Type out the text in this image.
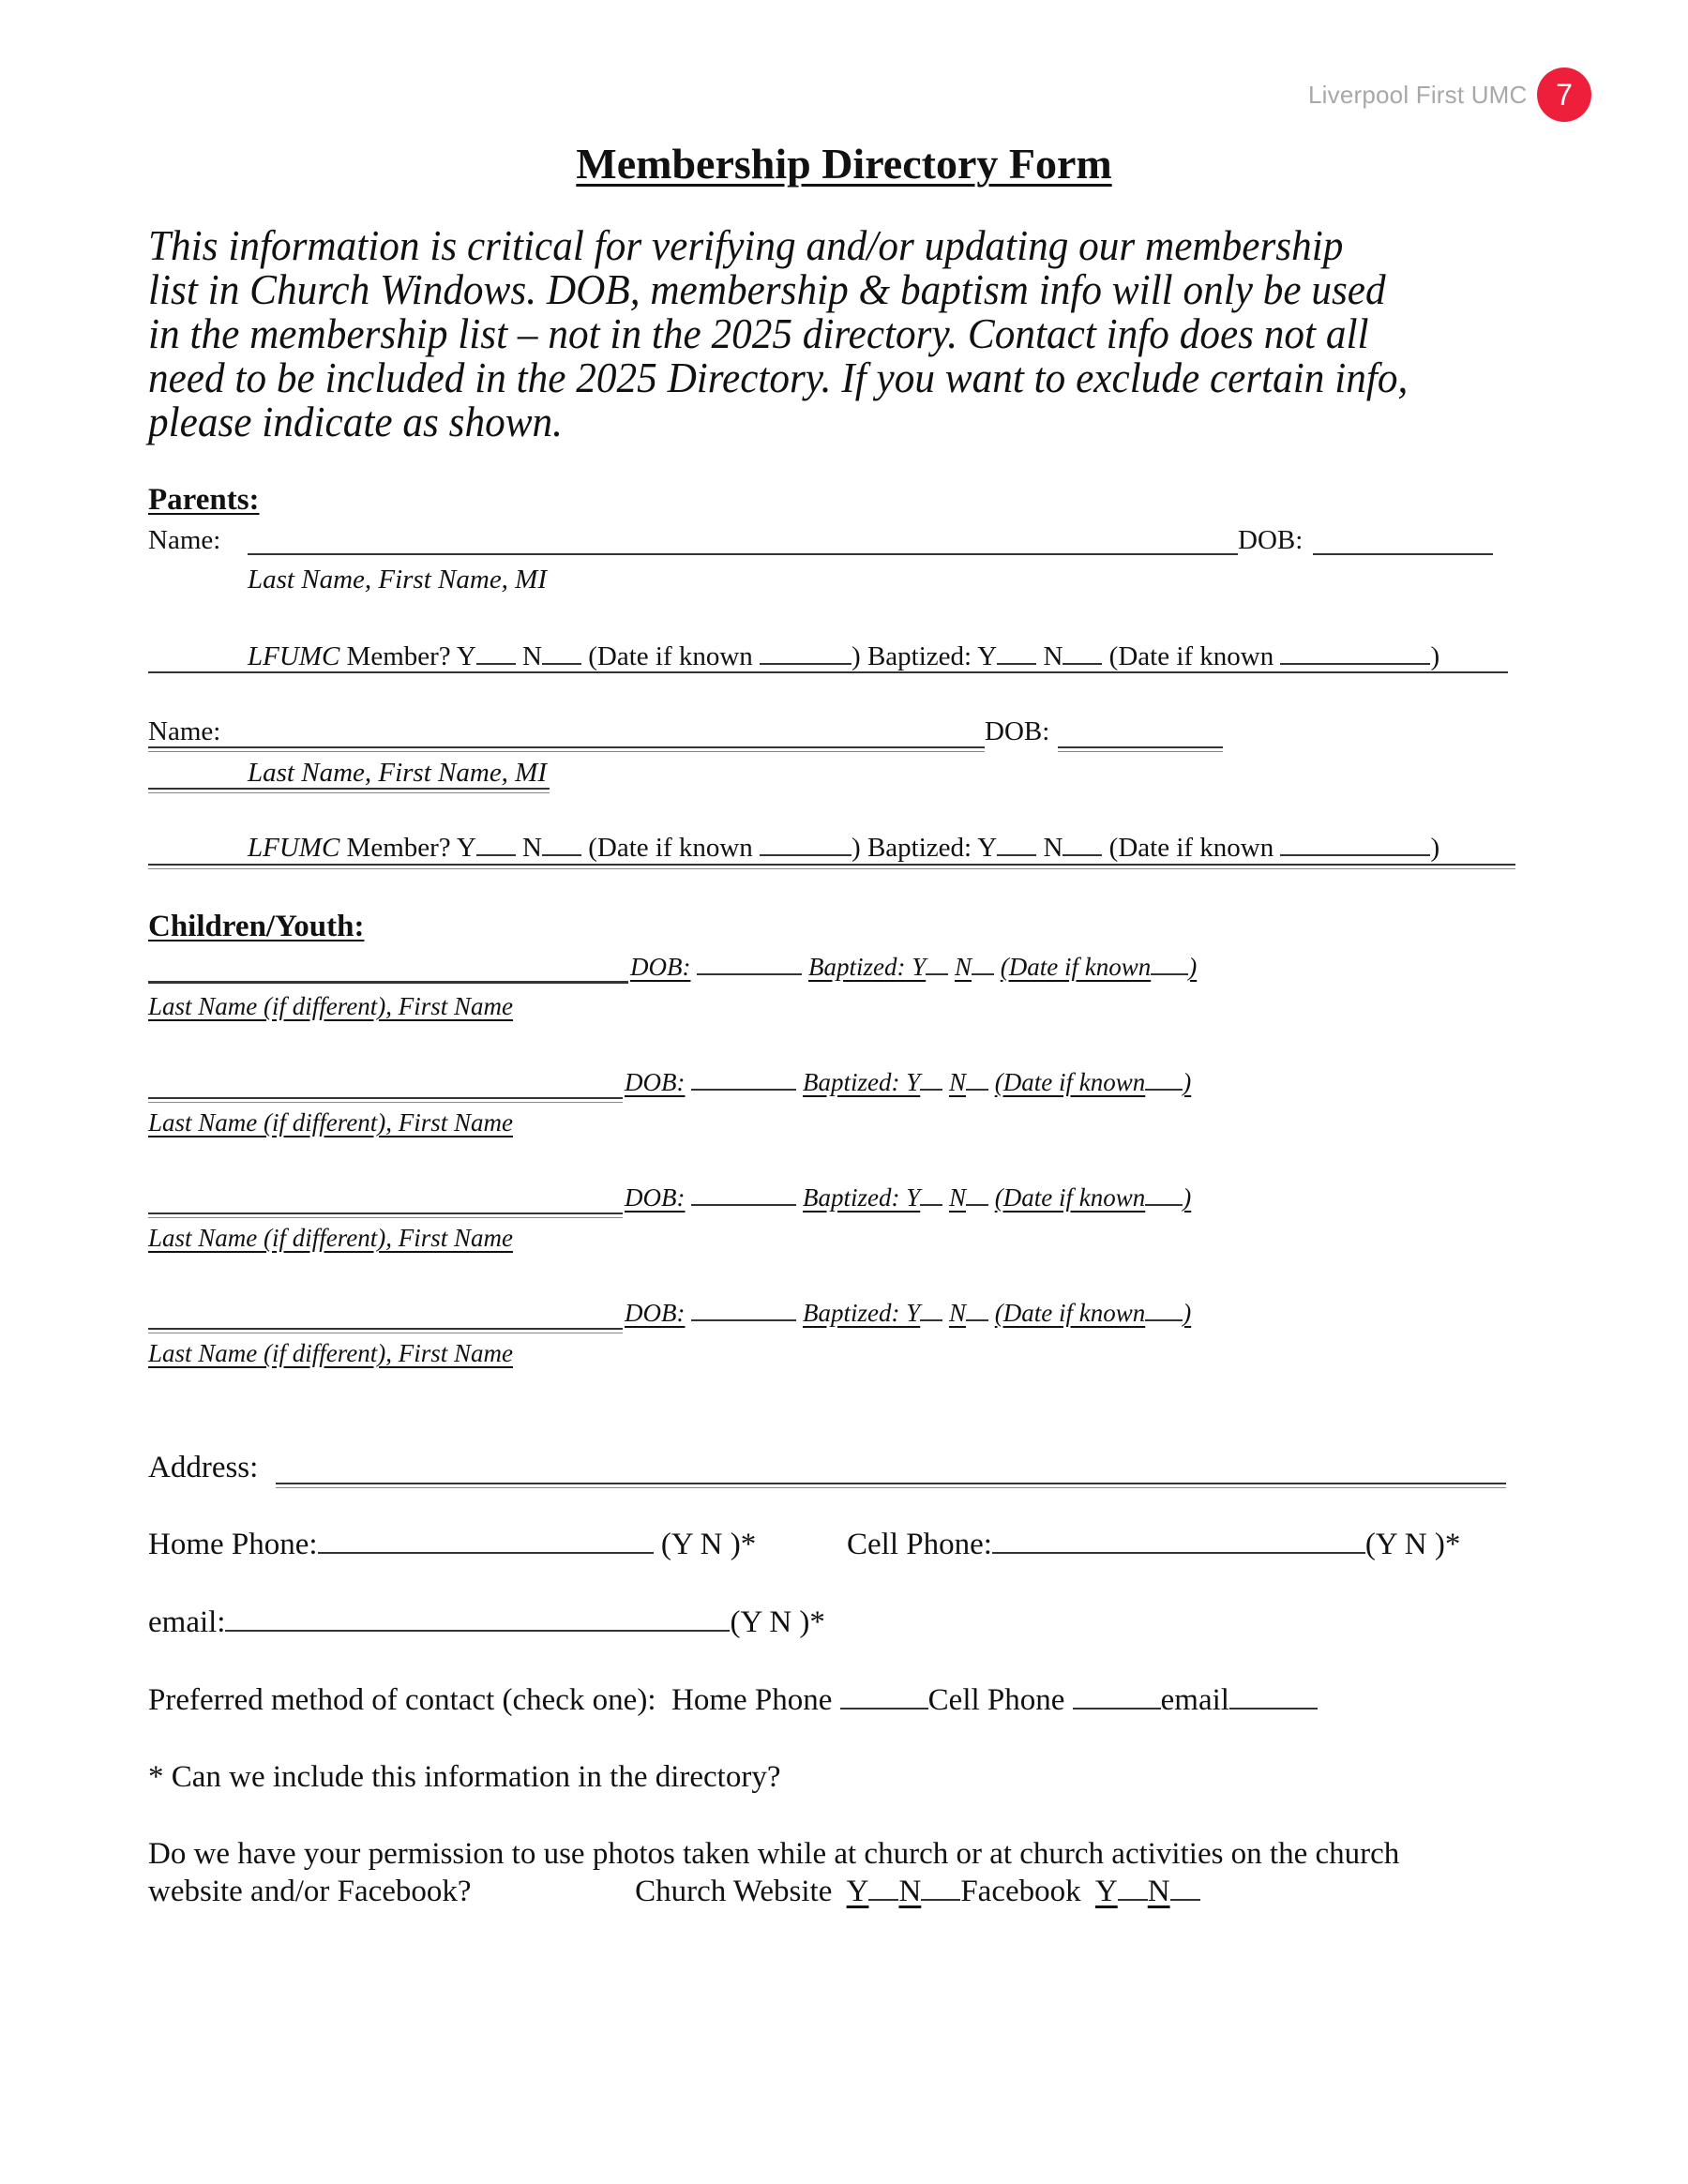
Liverpool First UMC 7
Membership Directory Form
This information is critical for verifying and/or updating our membership
list in Church Windows. DOB, membership & baptism info will only be used
in the membership list – not in the 2025 directory. Contact info does not all
need to be included in the 2025 Directory. If you want to exclude certain info,
please indicate as shown.
Parents:
Name:	DOB:
Last Name, First Name, MI
LFUMC Member? Y N (Date if known	) Baptized: Y N (Date if known	)
Name:	DOB:
Last Name, First Name, MI
LFUMC Member? Y N (Date if known	) Baptized: Y N (Date if known	)
Children/Youth:
DOB:	Baptized: Y N (Date if known )
Last Name (if different), First Name
DOB:	Baptized: Y N (Date if known )
Last Name (if different), First Name
DOB:	Baptized: Y N (Date if known )
Last Name (if different), First Name
DOB:	Baptized: Y N (Date if known )
Last Name (if different), First Name
Address:
Home Phone:	(Y N )*	Cell Phone:	(Y N )*
email:	(Y N )*
Preferred method of contact (check one): Home Phone	Cell Phone	email
* Can we include this information in the directory?
Do we have your permission to use photos taken while at church or at church activities on the church
website and/or Facebook?	Church Website Y N Facebook Y N
